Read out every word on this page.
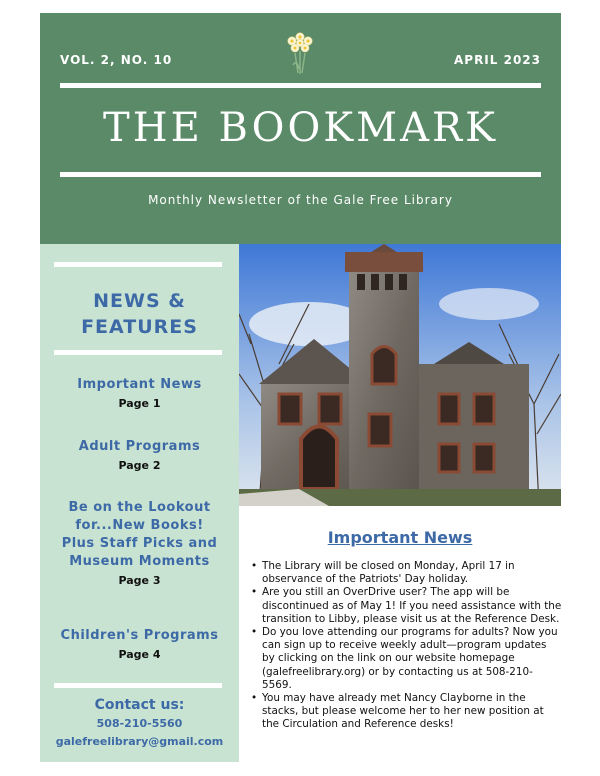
VOL. 2, NO. 10	APRIL 2023
THE BOOKMARK
Monthly Newsletter of the Gale Free Library
NEWS &
FEATURES
Important News
Page 1
Adult Programs
Page 2
Be on the Lookout
for...New Books!
Plus Staff Picks and
Museum Moments
Page 3
Children's Programs
Page 4
Contact us:
508-210-5560
galefreelibrary@gmail.com
Important News
• The Library will be closed on Monday, April 17 in observance of the Patriots' Day holiday.
• Are you still an OverDrive user? The app will be discontinued as of May 1! If you need assistance with the transition to Libby, please visit us at the Reference Desk.
• Do you love attending our programs for adults? Now you can sign up to receive weekly adult—program updates by clicking on the link on our website homepage (galefreelibrary.org) or by contacting us at 508-210-5569.
• You may have already met Nancy Clayborne in the stacks, but please welcome her to her new position at the Circulation and Reference desks!
